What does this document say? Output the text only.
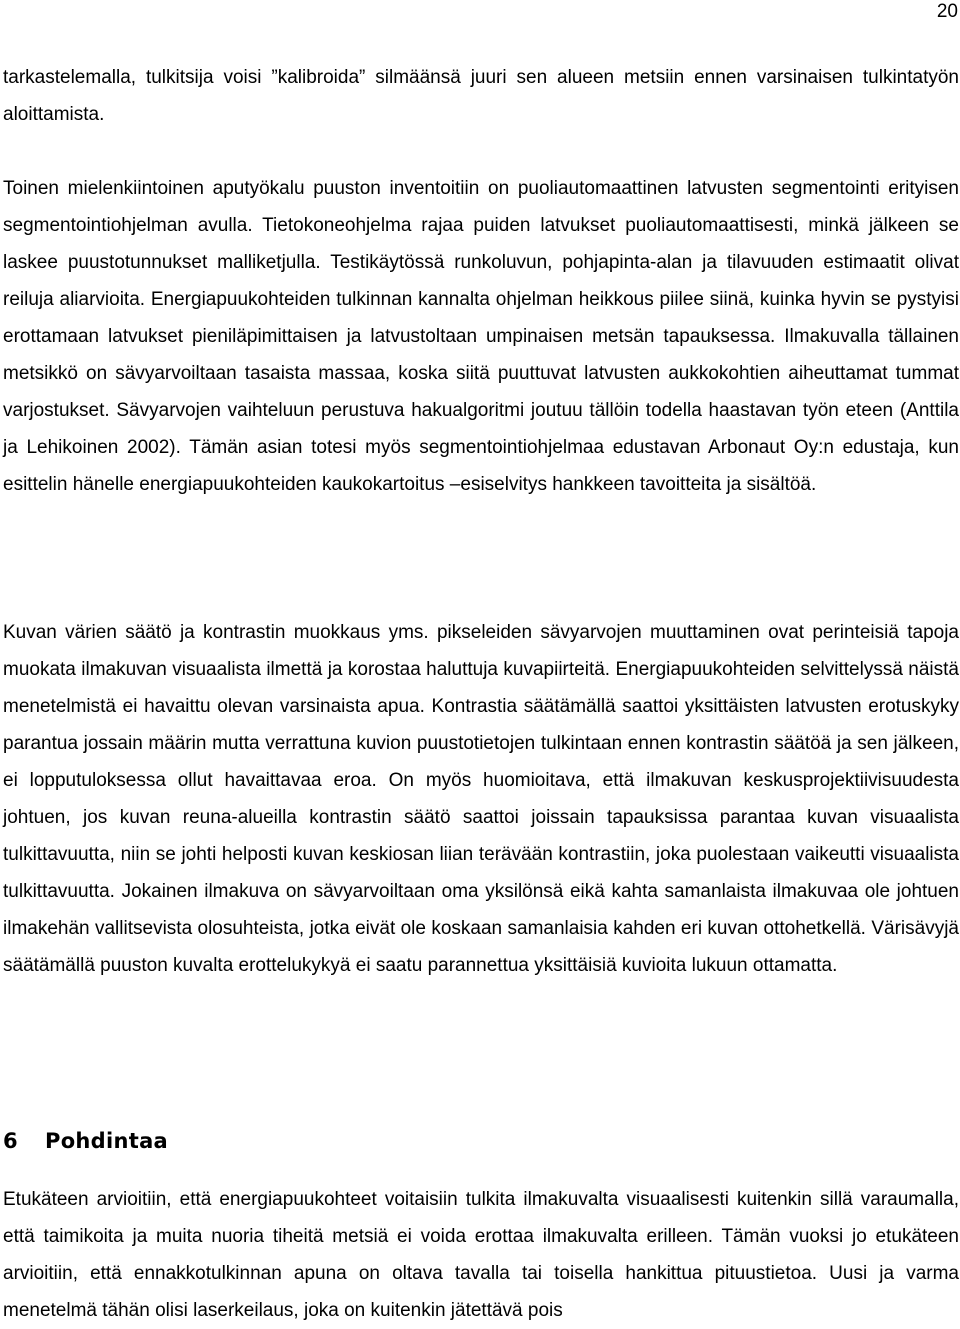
20

tarkastelemalla, tulkitsija voisi ”kalibroida” silmäänsä juuri sen alueen metsiin ennen varsinaisen tulkintatyön aloittamista.

Toinen mielenkiintoinen aputyökalu puuston inventoitiin on puoliautomaattinen latvusten segmentointi erityisen segmentointiohjelman avulla. Tietokoneohjelma rajaa puiden latvukset puoliautomaattisesti, minkä jälkeen se laskee puustotunnukset malliketjulla. Testikäytössä runkoluvun, pohjapinta-alan ja tilavuuden estimaatit olivat reiluja aliarvioita. Energiapuukohteiden tulkinnan kannalta ohjelman heikkous piilee siinä, kuinka hyvin se pystyisi erottamaan latvukset pieniläpimittaisen ja latvustoltaan umpinaisen metsän tapauksessa. Ilmakuvalla tällainen metsikkö on sävyarvoiltaan tasaista massaa, koska siitä puuttuvat latvusten aukkokohtien aiheuttamat tummat varjostukset. Sävyarvojen vaihteluun perustuva hakualgoritmi joutuu tällöin todella haastavan työn eteen (Anttila ja Lehikoinen 2002). Tämän asian totesi myös segmentointiohjelmaa edustavan Arbonaut Oy:n edustaja, kun esittelin hänelle energiapuukohteiden kaukokartoitus –esiselvitys hankkeen tavoitteita ja sisältöä.

Kuvan värien säätö ja kontrastin muokkaus yms. pikseleiden sävyarvojen muuttaminen ovat perinteisiä tapoja muokata ilmakuvan visuaalista ilmettä ja korostaa haluttuja kuvapiirteitä. Energiapuukohteiden selvittelyssä näistä menetelmistä ei havaittu olevan varsinaista apua. Kontrastia säätämällä saattoi yksittäisten latvusten erotuskyky parantua jossain määrin mutta verrattuna kuvion puustotietojen tulkintaan ennen kontrastin säätöä ja sen jälkeen, ei lopputuloksessa ollut havaittavaa eroa. On myös huomioitava, että ilmakuvan keskusprojektiivisuudesta johtuen, jos kuvan reuna-alueilla kontrastin säätö saattoi joissain tapauksissa parantaa kuvan visuaalista tulkittavuutta, niin se johti helposti kuvan keskiosan liian terävään kontrastiin, joka puolestaan vaikeutti visuaalista tulkittavuutta. Jokainen ilmakuva on sävyarvoiltaan oma yksilönsä eikä kahta samanlaista ilmakuvaa ole johtuen ilmakehän vallitsevista olosuhteista, jotka eivät ole koskaan samanlaisia kahden eri kuvan ottohetkellä. Värisävyjä säätämällä puuston kuvalta erottelukykyä ei saatu parannettua yksittäisiä kuvioita lukuun ottamatta.

6 Pohdintaa

Etukäteen arvioitiin, että energiapuukohteet voitaisiin tulkita ilmakuvalta visuaalisesti kuitenkin sillä varaumalla, että taimikoita ja muita nuoria tiheitä metsiä ei voida erottaa ilmakuvalta erilleen. Tämän vuoksi jo etukäteen arvioitiin, että ennakkotulkinnan apuna on oltava tavalla tai toisella hankittua pituustietoa. Uusi ja varma menetelmä tähän olisi laserkeilaus, joka on kuitenkin jätettävä pois
